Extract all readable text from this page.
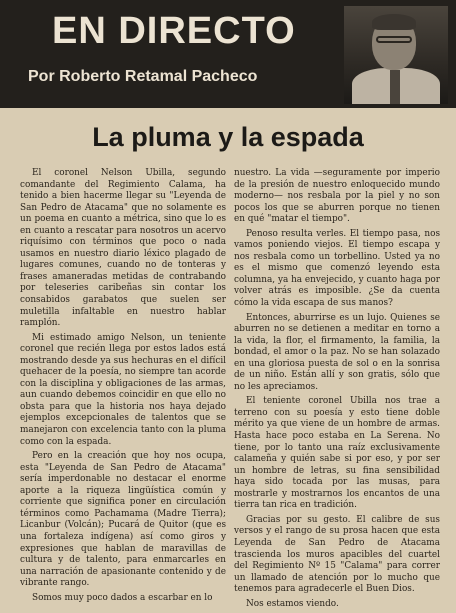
EN DIRECTO
Por Roberto Retamal Pacheco
La pluma y la espada

El coronel Nelson Ubilla, segundo comandante del Regimiento Calama, ha tenido a bien hacerme llegar su "Leyenda de San Pedro de Atacama" que no solamente es un poema en cuanto a métrica, sino que lo es en cuanto a rescatar para nosotros un acervo riquísimo con términos que poco o nada usamos en nuestro diario léxico plagado de lugares comunes, cuando no de tonteras y frases amaneradas metidas de contrabando por teleseries caribeñas sin contar los consabidos garabatos que suelen ser muletilla infaltable en nuestro hablar ramplón.

Mi estimado amigo Nelson, un teniente coronel que recién llega por estos lados está mostrando desde ya sus hechuras en el difícil quehacer de la poesía, no siempre tan acorde con la disciplina y obligaciones de las armas, aun cuando debemos coincidir en que ello no obsta para que la historia nos haya dejado ejemplos excepcionales de talentos que se manejaron con excelencia tanto con la pluma como con la espada.

Pero en la creación que hoy nos ocupa, esta "Leyenda de San Pedro de Atacama" sería imperdonable no destacar el enorme aporte a la riqueza lingüística común y corriente que significa poner en circulación términos como Pachamama (Madre Tierra); Licanbur (Volcán); Pucará de Quitor (que es una fortaleza indígena) así como giros y expresiones que hablan de maravillas de cultura y de talento, para enmarcarles en una narración de apasionante contenido y de vibrante rango.

Somos muy poco dados a escarbar en lo

nuestro. La vida —seguramente por imperio de la presión de nuestro enloquecido mundo moderno— nos resbala por la piel y no son pocos los que se aburren porque no tienen en qué "matar el tiempo".

Penoso resulta verles. El tiempo pasa, nos vamos poniendo viejos. El tiempo escapa y nos resbala como un torbellino. Usted ya no es el mismo que comenzó leyendo esta columna, ya ha envejecido, y cuanto haga por volver atrás es imposible. ¿Se da cuenta cómo la vida escapa de sus manos?

Entonces, aburrirse es un lujo. Quienes se aburren no se detienen a meditar en torno a la vida, la flor, el firmamento, la familia, la bondad, el amor o la paz. No se han solazado en una gloriosa puesta de sol o en la sonrisa de un niño. Están allí y son gratis, sólo que no les apreciamos.

El teniente coronel Ubilla nos trae a terreno con su poesía y esto tiene doble mérito ya que viene de un hombre de armas. Hasta hace poco estaba en La Serena. No tiene, por lo tanto una raíz exclusivamente calameña y quién sabe si por eso, y por ser un hombre de letras, su fina sensibilidad haya sido tocada por las musas, para mostrarle y mostrarnos los encantos de una tierra tan rica en tradición.

Gracias por su gesto. El calibre de sus versos y el rango de su prosa hacen que esta Leyenda de San Pedro de Atacama trascienda los muros apacibles del cuartel del Regimiento Nº 15 "Calama" para correr un llamado de atención por lo mucho que tenemos para agradecerle el Buen Dios.

Nos estamos viendo.
